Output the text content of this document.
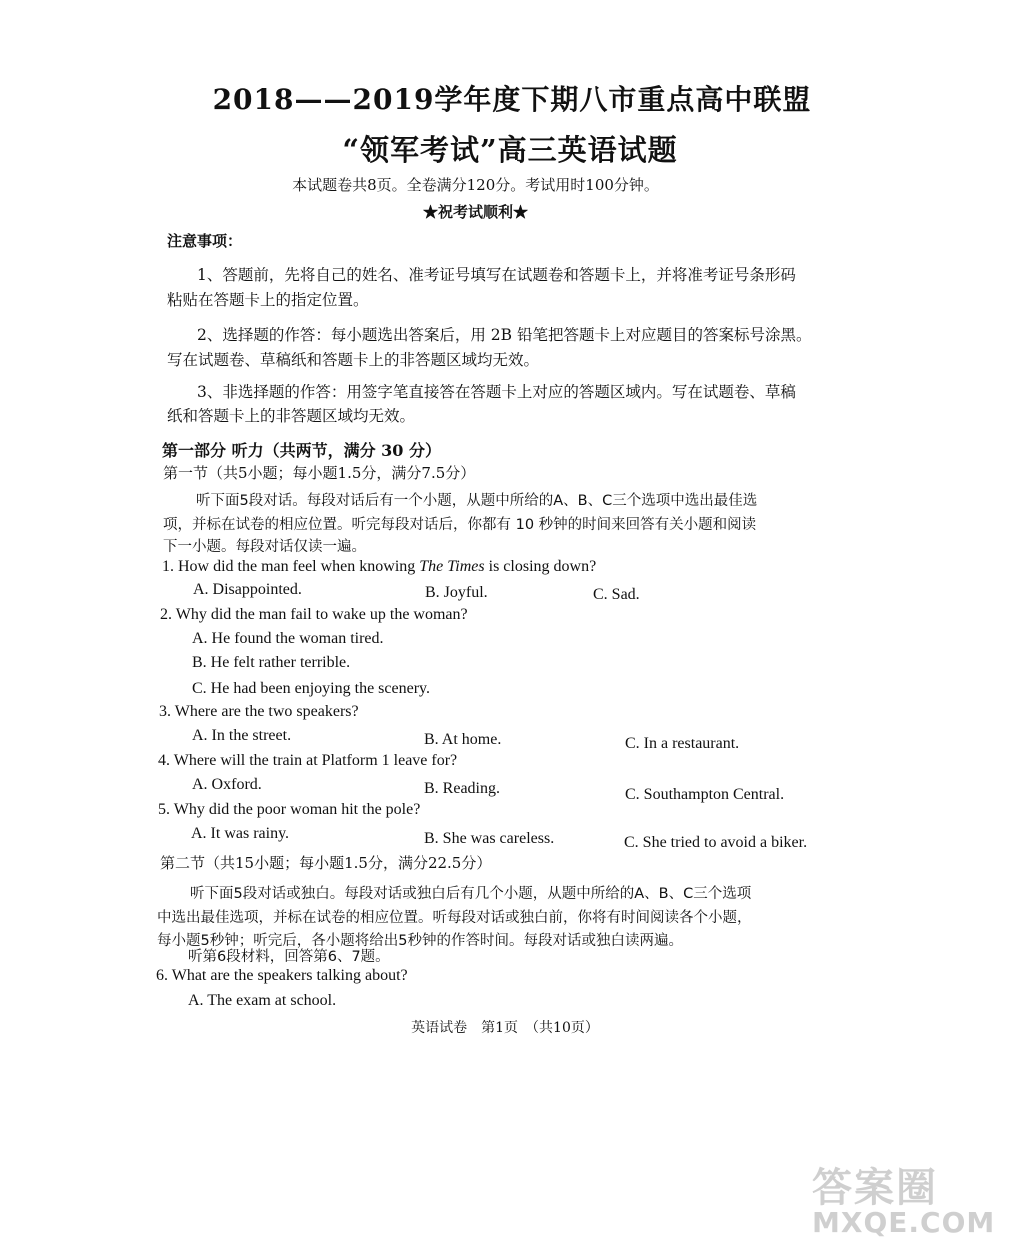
2018——2019学年度下期八市重点高中联盟
“领军考试”高三英语试题
本试题卷共8页。全卷满分120分。考试用时100分钟。
★祝考试顺利★
注意事项：
1、答题前，先将自己的姓名、准考证号填写在试题卷和答题卡上，并将准考证号条形码
粘贴在答题卡上的指定位置。
2、选择题的作答：每小题选出答案后，用 2B 铅笔把答题卡上对应题目的答案标号涂黑。
写在试题卷、草稿纸和答题卡上的非答题区域均无效。
3、非选择题的作答：用签字笔直接答在答题卡上对应的答题区域内。写在试题卷、草稿
纸和答题卡上的非答题区域均无效。
第一部分 听力（共两节，满分 30 分）
第一节（共5小题；每小题1.5分，满分7.5分）
听下面5段对话。每段对话后有一个小题，从题中所给的A、B、C三个选项中选出最佳选
项，并标在试卷的相应位置。听完每段对话后，你都有 10 秒钟的时间来回答有关小题和阅读
下一小题。每段对话仅读一遍。
1. How did the man feel when knowing The Times is closing down?
A. Disappointed.	B. Joyful.	C. Sad.
2. Why did the man fail to wake up the woman?
A. He found the woman tired.
B. He felt rather terrible.
C. He had been enjoying the scenery.
3. Where are the two speakers?
A. In the street.	B. At home.	C. In a restaurant.
4. Where will the train at Platform 1 leave for?
A. Oxford.	B. Reading.	C. Southampton Central.
5. Why did the poor woman hit the pole?
A. It was rainy.	B. She was careless.	C. She tried to avoid a biker.
第二节（共15小题；每小题1.5分，满分22.5分）
听下面5段对话或独白。每段对话或独白后有几个小题，从题中所给的A、B、C三个选项
中选出最佳选项，并标在试卷的相应位置。听每段对话或独白前，你将有时间阅读各个小题，
每小题5秒钟；听完后，各小题将给出5秒钟的作答时间。每段对话或独白读两遍。
听第6段材料，回答第6、7题。
6. What are the speakers talking about?
A. The exam at school.
英语试卷　第1页　（共10页）
答案圈
MXQE.COM
